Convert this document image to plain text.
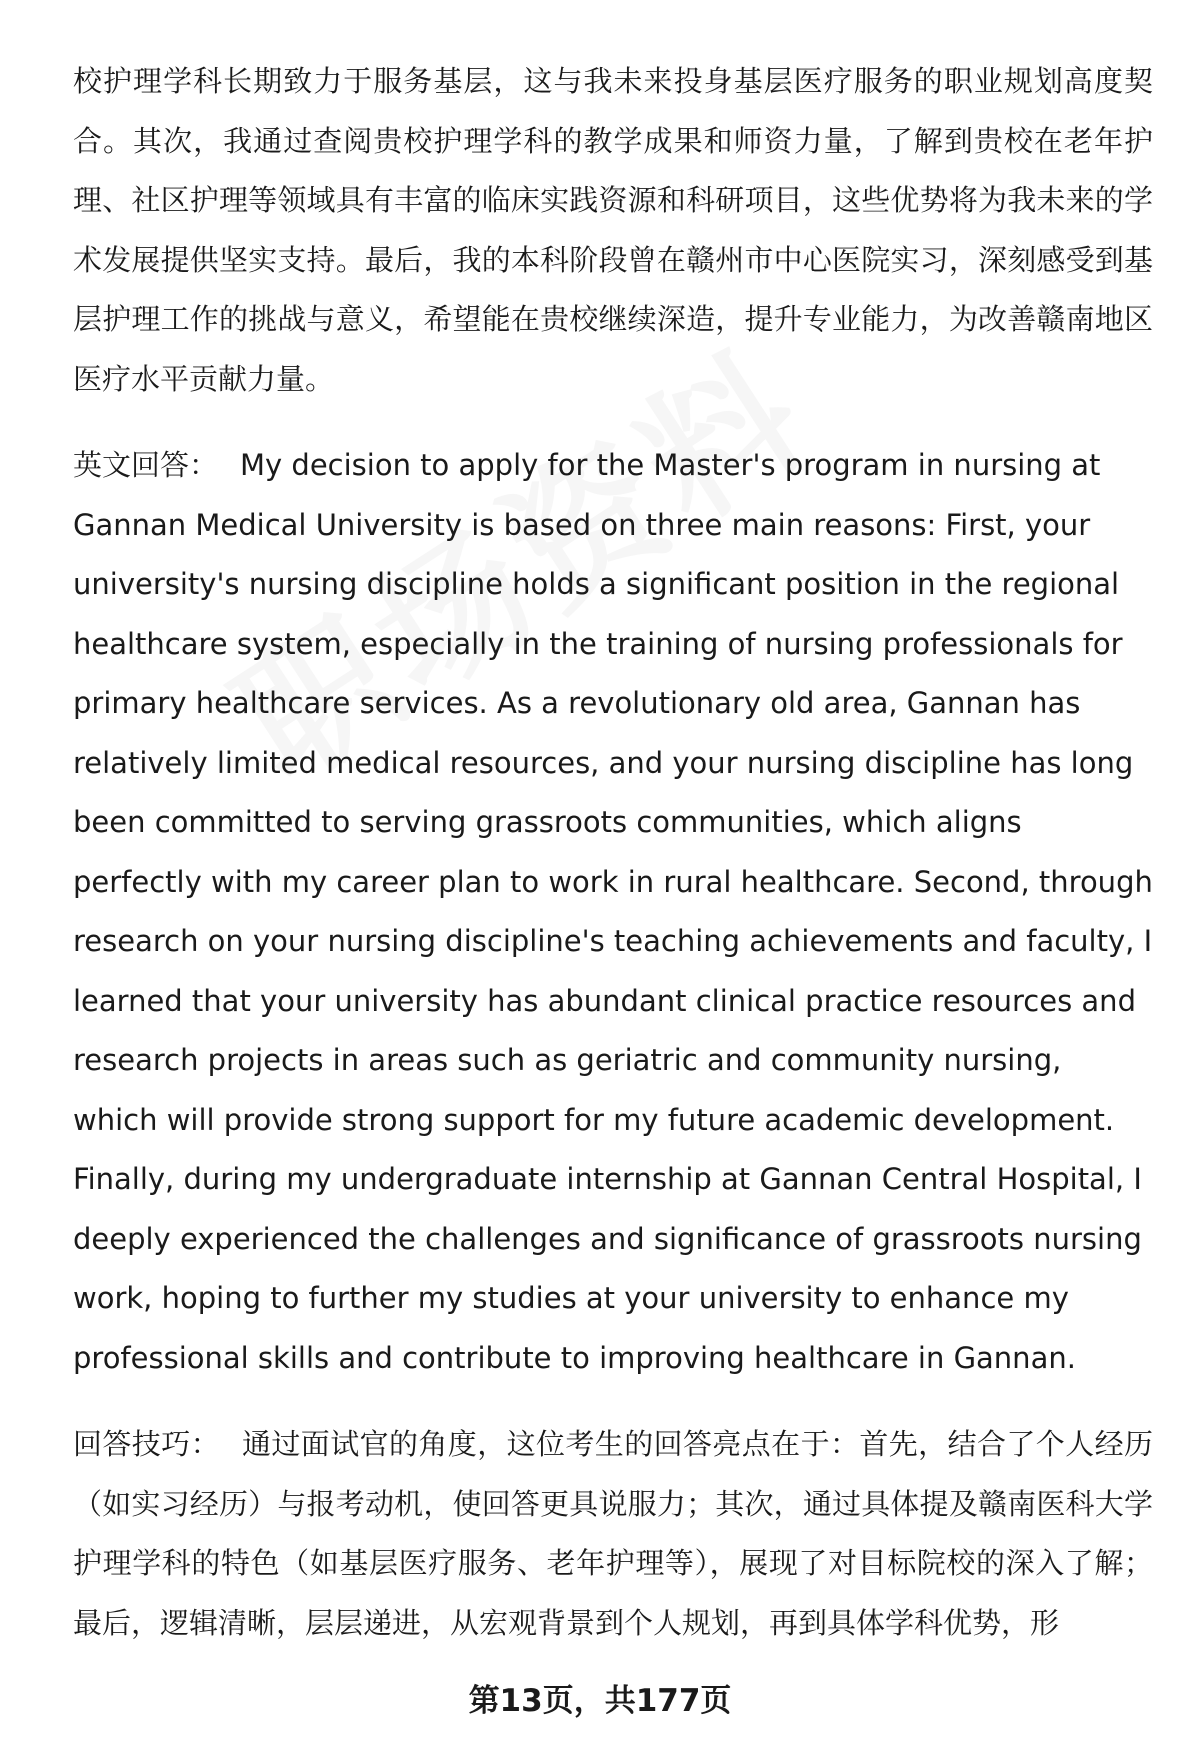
校护理学科长期致力于服务基层，这与我未来投身基层医疗服务的职业规划高度契合。其次，我通过查阅贵校护理学科的教学成果和师资力量，了解到贵校在老年护理、社区护理等领域具有丰富的临床实践资源和科研项目，这些优势将为我未来的学术发展提供坚实支持。最后，我的本科阶段曾在赣州市中心医院实习，深刻感受到基层护理工作的挑战与意义，希望能在贵校继续深造，提升专业能力，为改善赣南地区医疗水平贡献力量。

英文回答： My decision to apply for the Master's program in nursing at Gannan Medical University is based on three main reasons: First, your university's nursing discipline holds a significant position in the regional healthcare system, especially in the training of nursing professionals for primary healthcare services. As a revolutionary old area, Gannan has relatively limited medical resources, and your nursing discipline has long been committed to serving grassroots communities, which aligns perfectly with my career plan to work in rural healthcare. Second, through research on your nursing discipline's teaching achievements and faculty, I learned that your university has abundant clinical practice resources and research projects in areas such as geriatric and community nursing, which will provide strong support for my future academic development. Finally, during my undergraduate internship at Gannan Central Hospital, I deeply experienced the challenges and significance of grassroots nursing work, hoping to further my studies at your university to enhance my professional skills and contribute to improving healthcare in Gannan.

回答技巧： 通过面试官的角度，这位考生的回答亮点在于：首先，结合了个人经历（如实习经历）与报考动机，使回答更具说服力；其次，通过具体提及赣南医科大学护理学科的特色（如基层医疗服务、老年护理等），展现了对目标院校的深入了解；最后，逻辑清晰，层层递进，从宏观背景到个人规划，再到具体学科优势，形

第13页，共177页
